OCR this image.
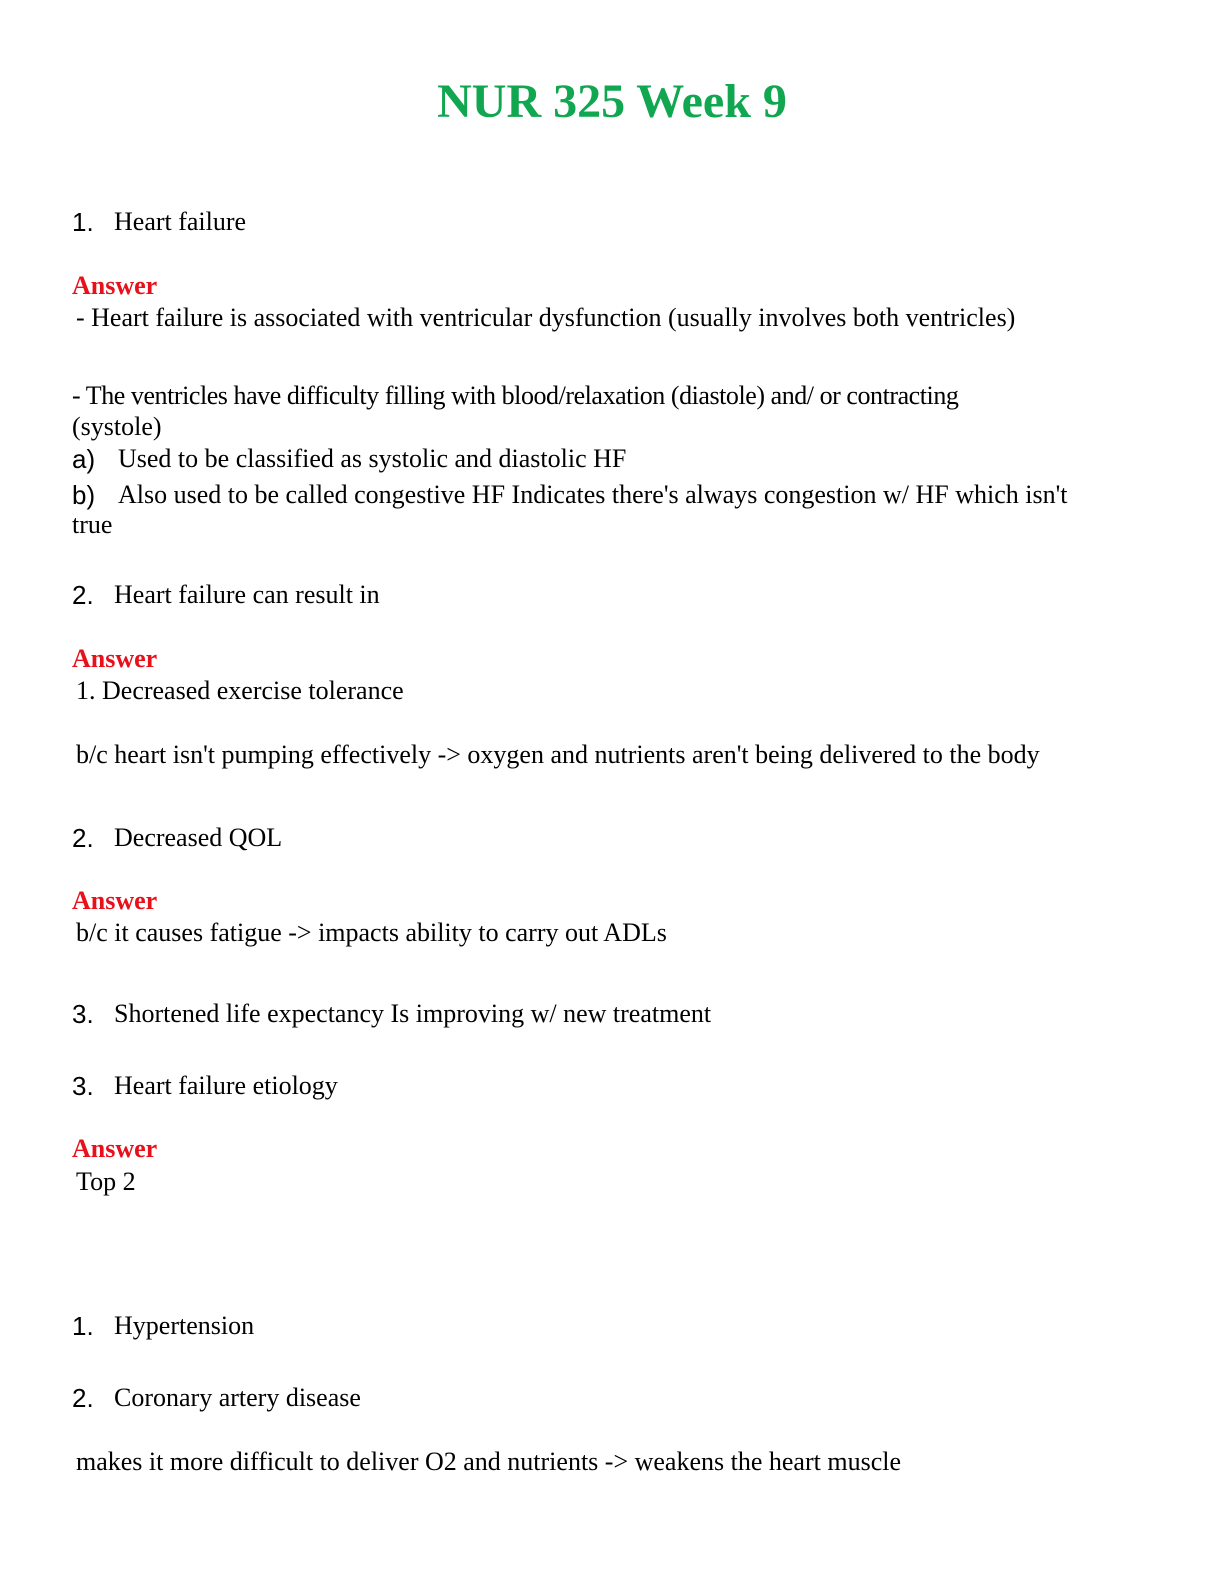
NUR 325 Week 9
1. Heart failure
Answer
- Heart failure is associated with ventricular dysfunction (usually involves both ventricles)
- The ventricles have difficulty filling with blood/relaxation (diastole) and/ or contracting
(systole)
a) Used to be classified as systolic and diastolic HF
b) Also used to be called congestive HF Indicates there's always congestion w/ HF which isn't
true
2. Heart failure can result in
Answer
1. Decreased exercise tolerance
b/c heart isn't pumping effectively -> oxygen and nutrients aren't being delivered to the body
2. Decreased QOL
Answer
b/c it causes fatigue -> impacts ability to carry out ADLs
3. Shortened life expectancy Is improving w/ new treatment
3. Heart failure etiology
Answer
Top 2
1. Hypertension
2. Coronary artery disease
makes it more difficult to deliver O2 and nutrients -> weakens the heart muscle
